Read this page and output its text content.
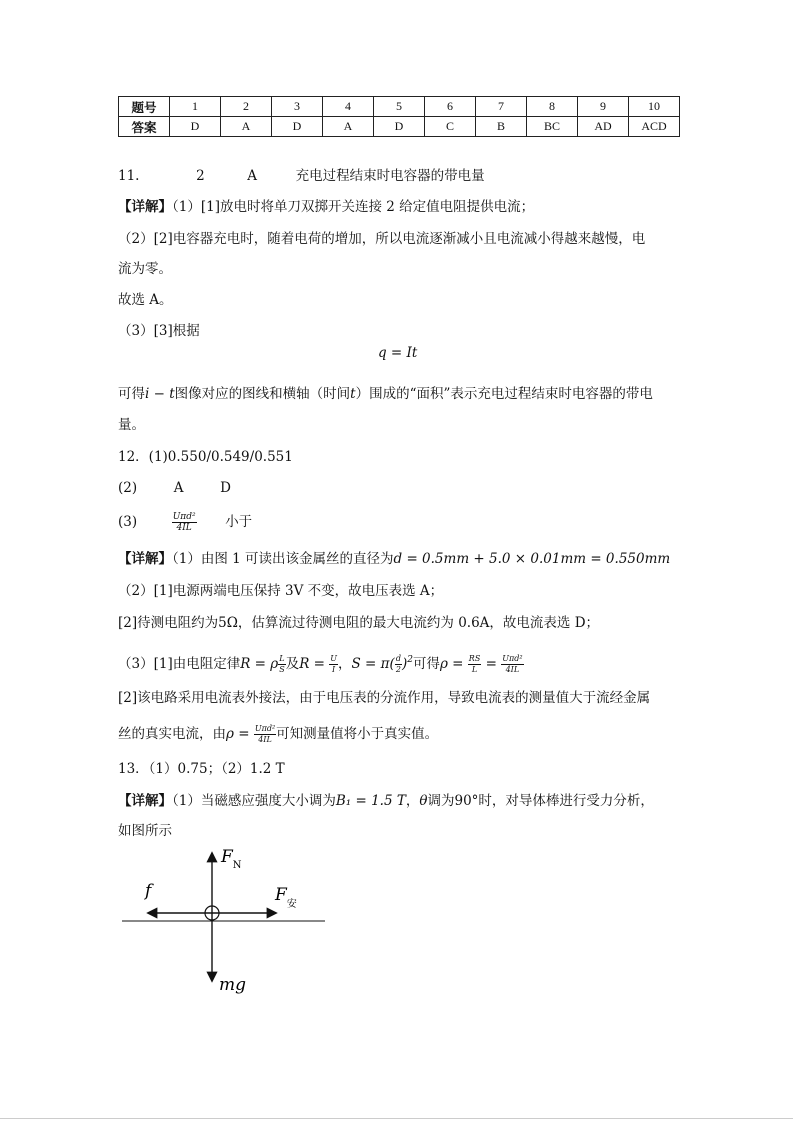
题号	1	2	3	4	5	6	7	8	9	10
答案	D	A	D	A	D	C	B	BC	AD	ACD
11.	2	A	充电过程结束时电容器的带电量
【详解】（1）[1]放电时将单刀双掷开关连接 2 给定值电阻提供电流；
（2）[2]电容器充电时，随着电荷的增加，所以电流逐渐减小且电流减小得越来越慢，电
流为零。
故选 A。
（3）[3]根据
q = It
可得i − t图像对应的图线和横轴（时间t）围成的“面积”表示充电过程结束时电容器的带电
量。
12．(1)0.550/0.549/0.551
(2)	A	D
(3)	$\frac{\text{Uπd²}}{4IL}$ 小于
【详解】（1）由图 1 可读出该金属丝的直径为d = 0.5mm + 5.0 × 0.01mm = 0.550mm
（2）[1]电源两端电压保持 3V 不变，故电压表选 A；
[2]待测电阻约为5Ω，估算流过待测电阻的最大电流约为 0.6A，故电流表选 D；
（3）[1]由电阻定律R = ρ $\frac{L}{S}$ 及$R = \frac{U}{I}$ ，$S = \pi( \frac{d}{2} )^2$可得$\rho = \frac{RS}{L} = \frac{\text{Uπd²}}{4IL}$
[2]该电路采用电流表外接法，由于电压表的分流作用，导致电流表的测量值大于流经金属
丝的真实电流，由$\rho = \frac{\text{Uπd²}}{4IL}$ 可知测量值将小于真实值。
13．（1）0.75；（2）1.2 T
【详解】（1）当磁感应强度大小调为B₁ = 1.5 T，θ调为90°时，对导体棒进行受力分析，
如图所示
$F_N$
f	$F_安$
mg
